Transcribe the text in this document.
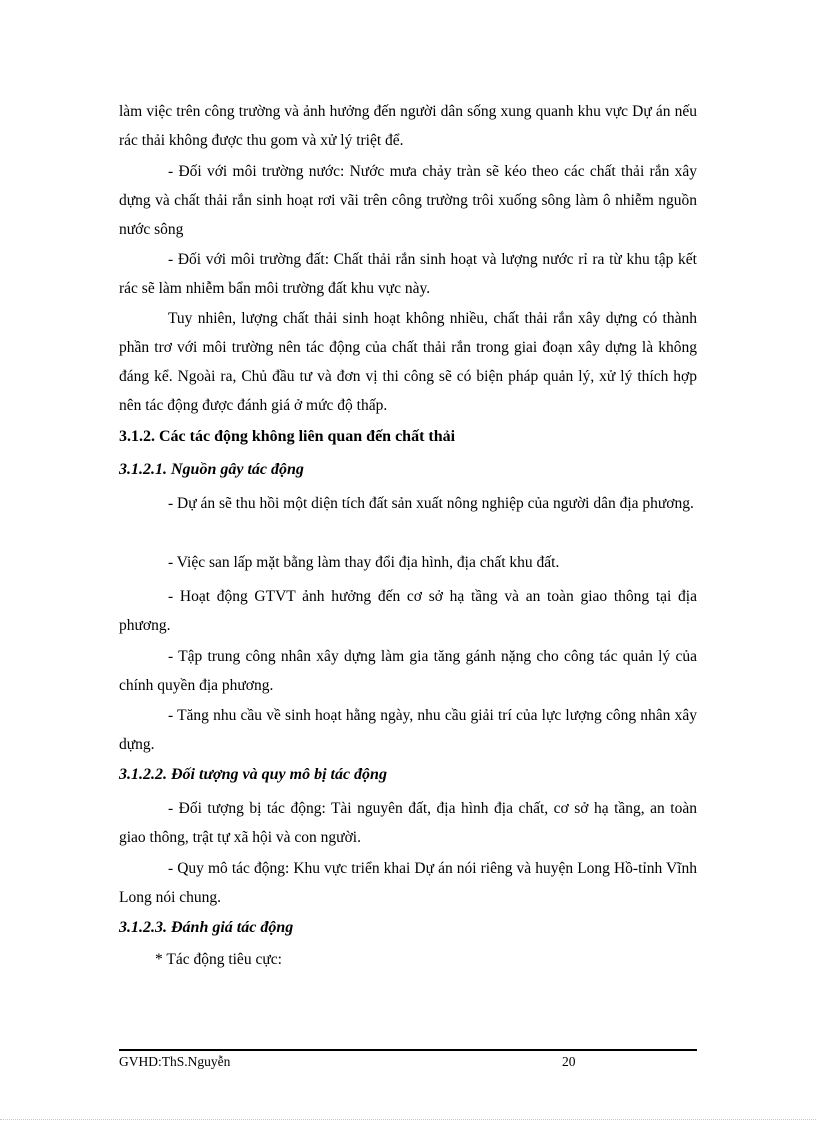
làm việc trên công trường và ảnh hưởng đến người dân sống xung quanh khu vực Dự án nếu rác thải không được thu gom và xử lý triệt để.

- Đối với môi trường nước: Nước mưa chảy tràn sẽ kéo theo các chất thải rắn xây dựng và chất thải rắn sinh hoạt rơi vãi trên công trường trôi xuống sông làm ô nhiễm nguồn nước sông

- Đối với môi trường đất: Chất thải rắn sinh hoạt và lượng nước rỉ ra từ khu tập kết rác sẽ làm nhiễm bẩn môi trường đất khu vực này.

Tuy nhiên, lượng chất thải sinh hoạt không nhiều, chất thải rắn xây dựng có thành phần trơ với môi trường nên tác động của chất thải rắn trong giai đoạn xây dựng là không đáng kể. Ngoài ra, Chủ đầu tư và đơn vị thi công sẽ có biện pháp quản lý, xử lý thích hợp nên tác động được đánh giá ở mức độ thấp.

3.1.2. Các tác động không liên quan đến chất thải

3.1.2.1. Nguồn gây tác động

- Dự án sẽ thu hồi một diện tích đất sản xuất nông nghiệp của người dân địa phương.

- Việc san lấp mặt bằng làm thay đổi địa hình, địa chất khu đất.

- Hoạt động GTVT ảnh hưởng đến cơ sở hạ tầng và an toàn giao thông tại địa phương.

- Tập trung công nhân xây dựng làm gia tăng gánh nặng cho công tác quản lý của chính quyền địa phương.

- Tăng nhu cầu về sinh hoạt hằng ngày, nhu cầu giải trí của lực lượng công nhân xây dựng.

3.1.2.2. Đối tượng và quy mô bị tác động

- Đối tượng bị tác động: Tài nguyên đất, địa hình địa chất, cơ sở hạ tầng, an toàn giao thông, trật tự xã hội và con người.

- Quy mô tác động: Khu vực triển khai Dự án nói riêng và huyện Long Hồ-tỉnh Vĩnh Long nói chung.

3.1.2.3. Đánh giá tác động

* Tác động tiêu cực:

GVHD:ThS.Nguyễn	20
